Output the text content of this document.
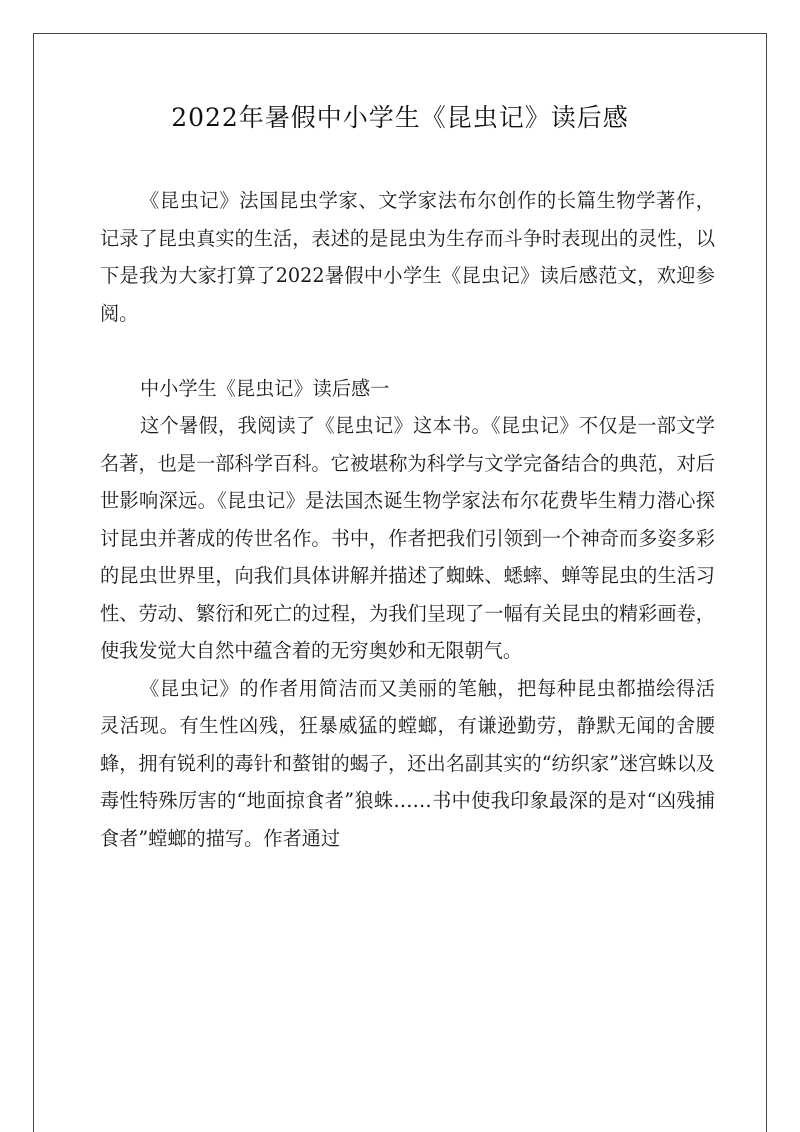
2022年暑假中小学生《昆虫记》读后感

《昆虫记》法国昆虫学家、文学家法布尔创作的长篇生物学著作，记录了昆虫真实的生活，表述的是昆虫为生存而斗争时表现出的灵性，以下是我为大家打算了2022暑假中小学生《昆虫记》读后感范文，欢迎参阅。

中小学生《昆虫记》读后感一

这个暑假，我阅读了《昆虫记》这本书。《昆虫记》不仅是一部文学名著，也是一部科学百科。它被堪称为科学与文学完备结合的典范，对后世影响深远。《昆虫记》是法国杰诞生物学家法布尔花费毕生精力潜心探讨昆虫并著成的传世名作。书中，作者把我们引领到一个神奇而多姿多彩的昆虫世界里，向我们具体讲解并描述了蜘蛛、蟋蟀、蝉等昆虫的生活习性、劳动、繁衍和死亡的过程，为我们呈现了一幅有关昆虫的精彩画卷，使我发觉大自然中蕴含着的无穷奥妙和无限朝气。

《昆虫记》的作者用简洁而又美丽的笔触，把每种昆虫都描绘得活灵活现。有生性凶残，狂暴威猛的螳螂，有谦逊勤劳，静默无闻的舍腰蜂，拥有锐利的毒针和螯钳的蝎子，还出名副其实的“纺织家”迷宫蛛以及毒性特殊厉害的“地面掠食者”狼蛛……书中使我印象最深的是对“凶残捕食者”螳螂的描写。作者通过
